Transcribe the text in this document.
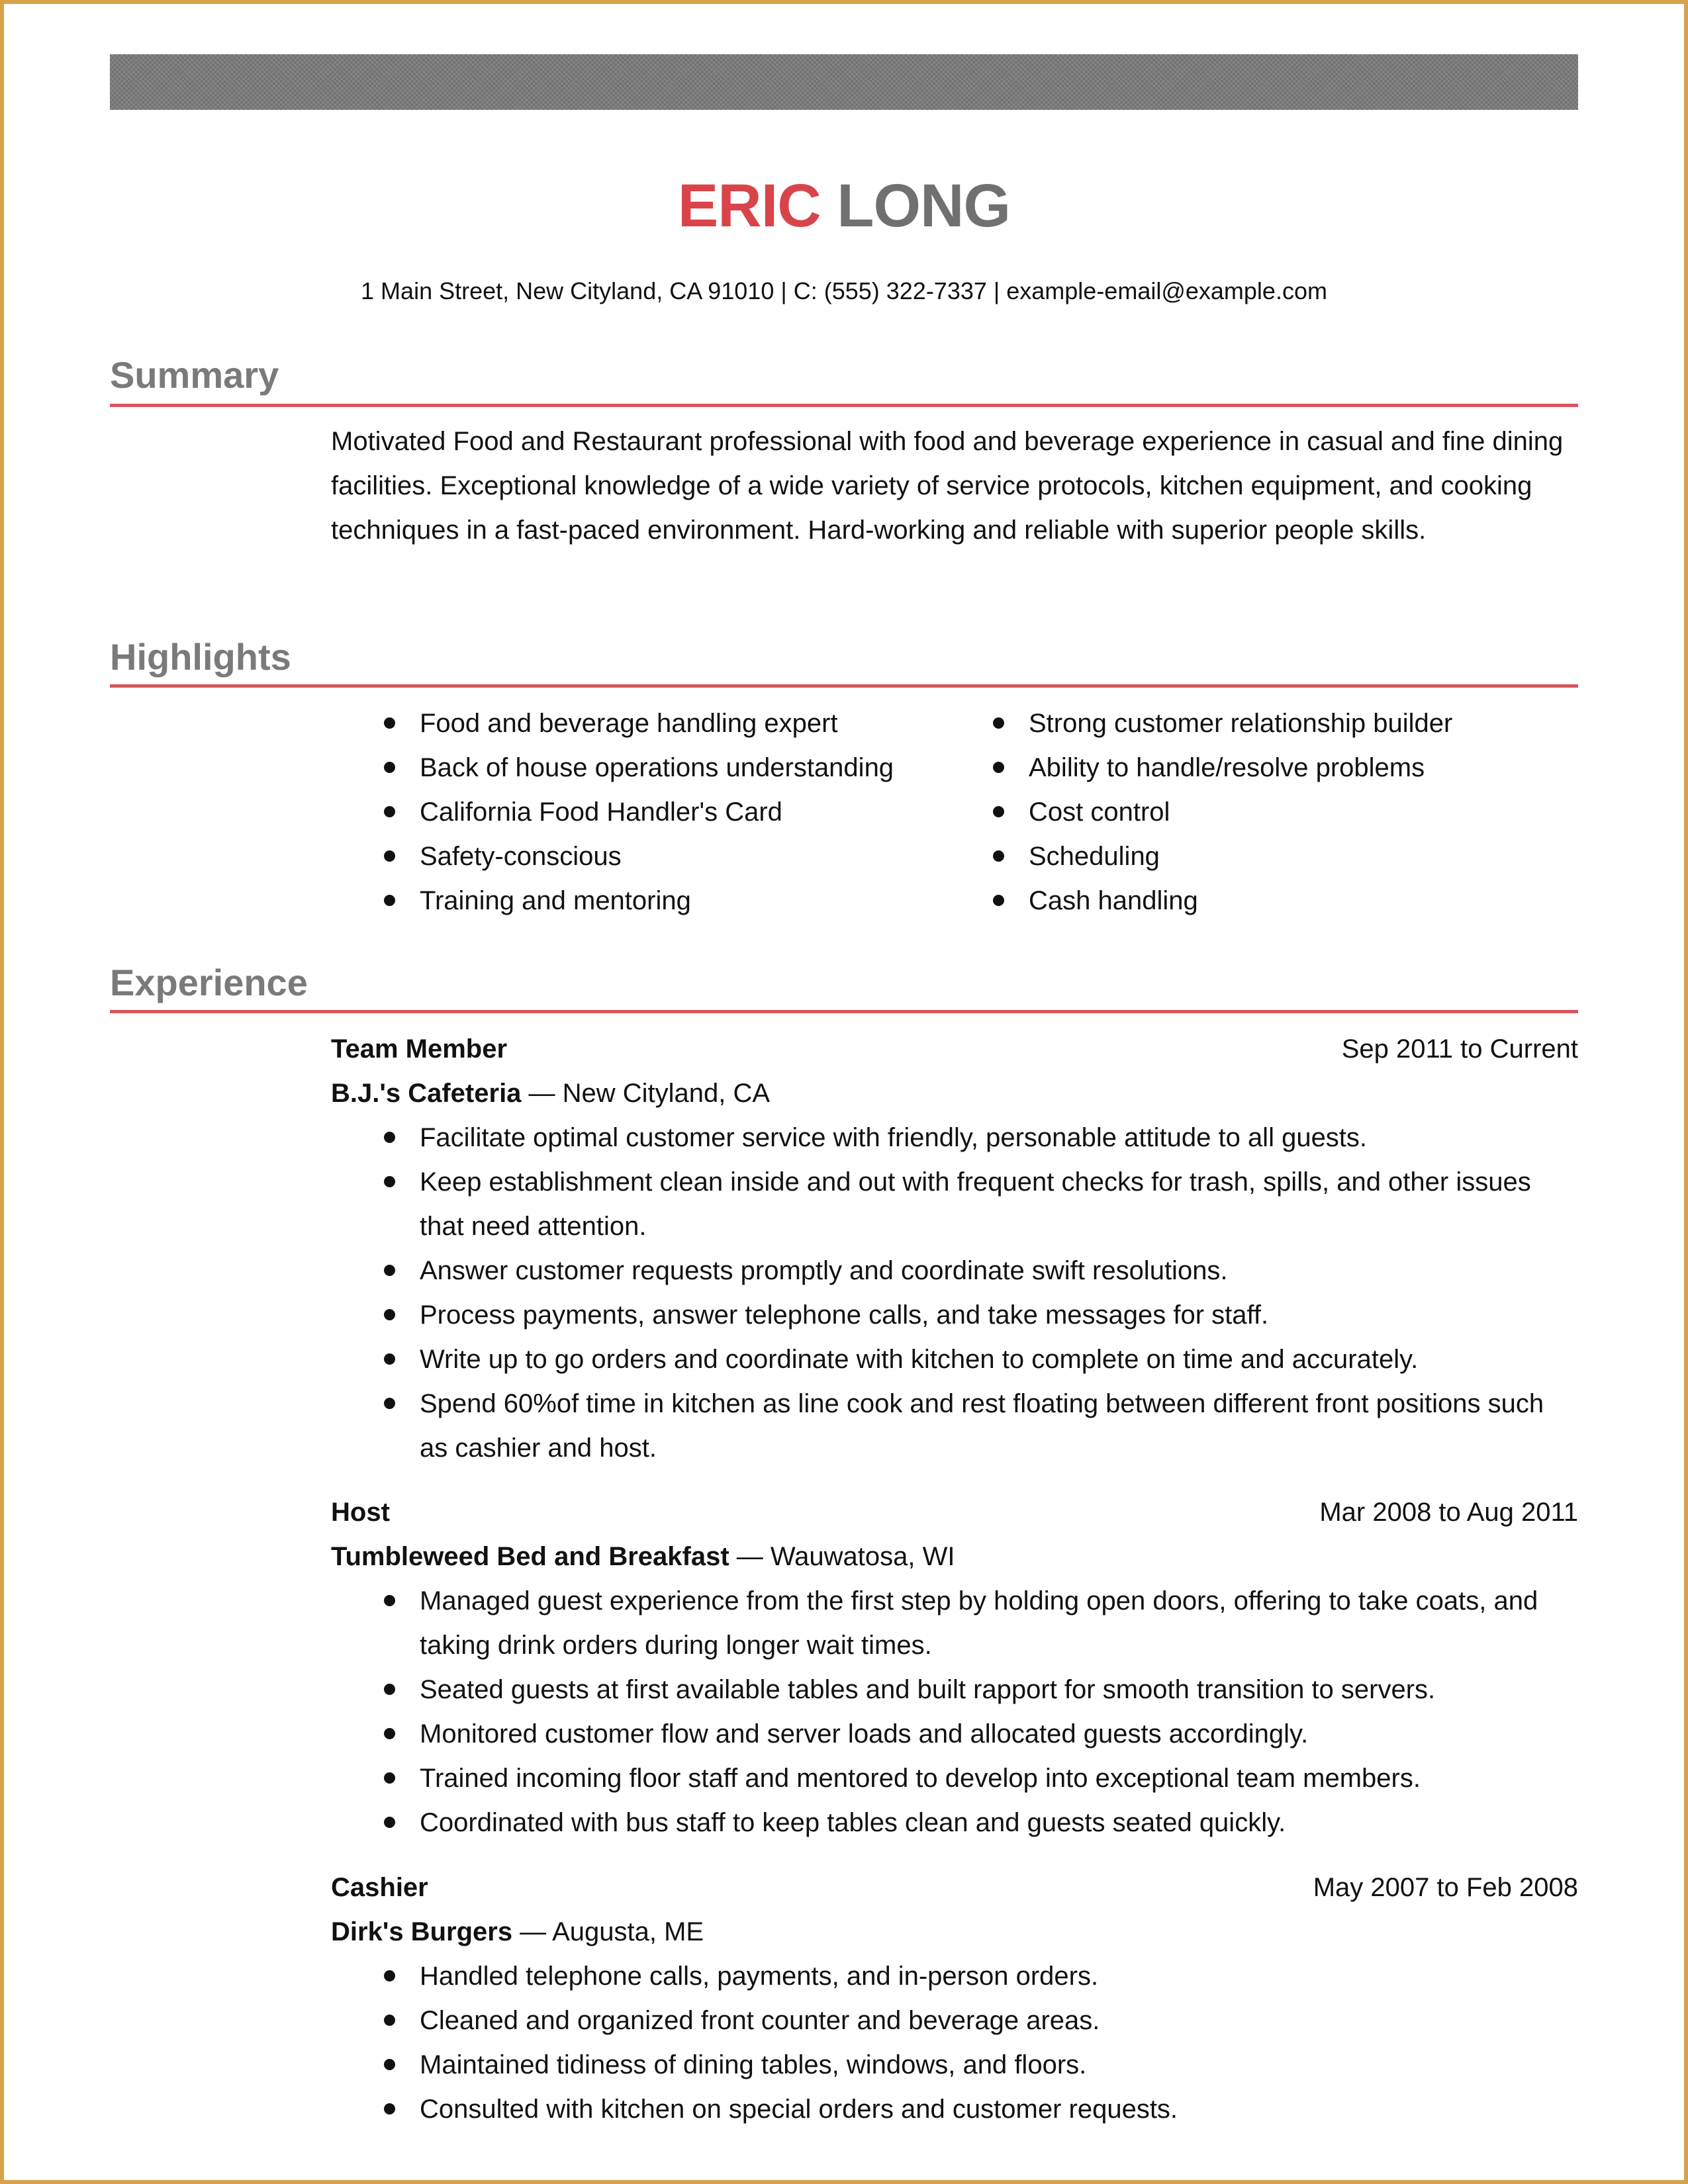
ERIC LONG
1 Main Street, New Cityland, CA 91010 | C: (555) 322-7337 | example-email@example.com
Summary
Motivated Food and Restaurant professional with food and beverage experience in casual and fine dining facilities. Exceptional knowledge of a wide variety of service protocols, kitchen equipment, and cooking techniques in a fast-paced environment. Hard-working and reliable with superior people skills.
Highlights
Food and beverage handling expert
Back of house operations understanding
California Food Handler's Card
Safety-conscious
Training and mentoring
Strong customer relationship builder
Ability to handle/resolve problems
Cost control
Scheduling
Cash handling
Experience
Team Member	Sep 2011 to Current
B.J.'s Cafeteria — New Cityland, CA
Facilitate optimal customer service with friendly, personable attitude to all guests.
Keep establishment clean inside and out with frequent checks for trash, spills, and other issues that need attention.
Answer customer requests promptly and coordinate swift resolutions.
Process payments, answer telephone calls, and take messages for staff.
Write up to go orders and coordinate with kitchen to complete on time and accurately.
Spend 60%of time in kitchen as line cook and rest floating between different front positions such as cashier and host.
Host	Mar 2008 to Aug 2011
Tumbleweed Bed and Breakfast — Wauwatosa, WI
Managed guest experience from the first step by holding open doors, offering to take coats, and taking drink orders during longer wait times.
Seated guests at first available tables and built rapport for smooth transition to servers.
Monitored customer flow and server loads and allocated guests accordingly.
Trained incoming floor staff and mentored to develop into exceptional team members.
Coordinated with bus staff to keep tables clean and guests seated quickly.
Cashier	May 2007 to Feb 2008
Dirk's Burgers — Augusta, ME
Handled telephone calls, payments, and in-person orders.
Cleaned and organized front counter and beverage areas.
Maintained tidiness of dining tables, windows, and floors.
Consulted with kitchen on special orders and customer requests.
